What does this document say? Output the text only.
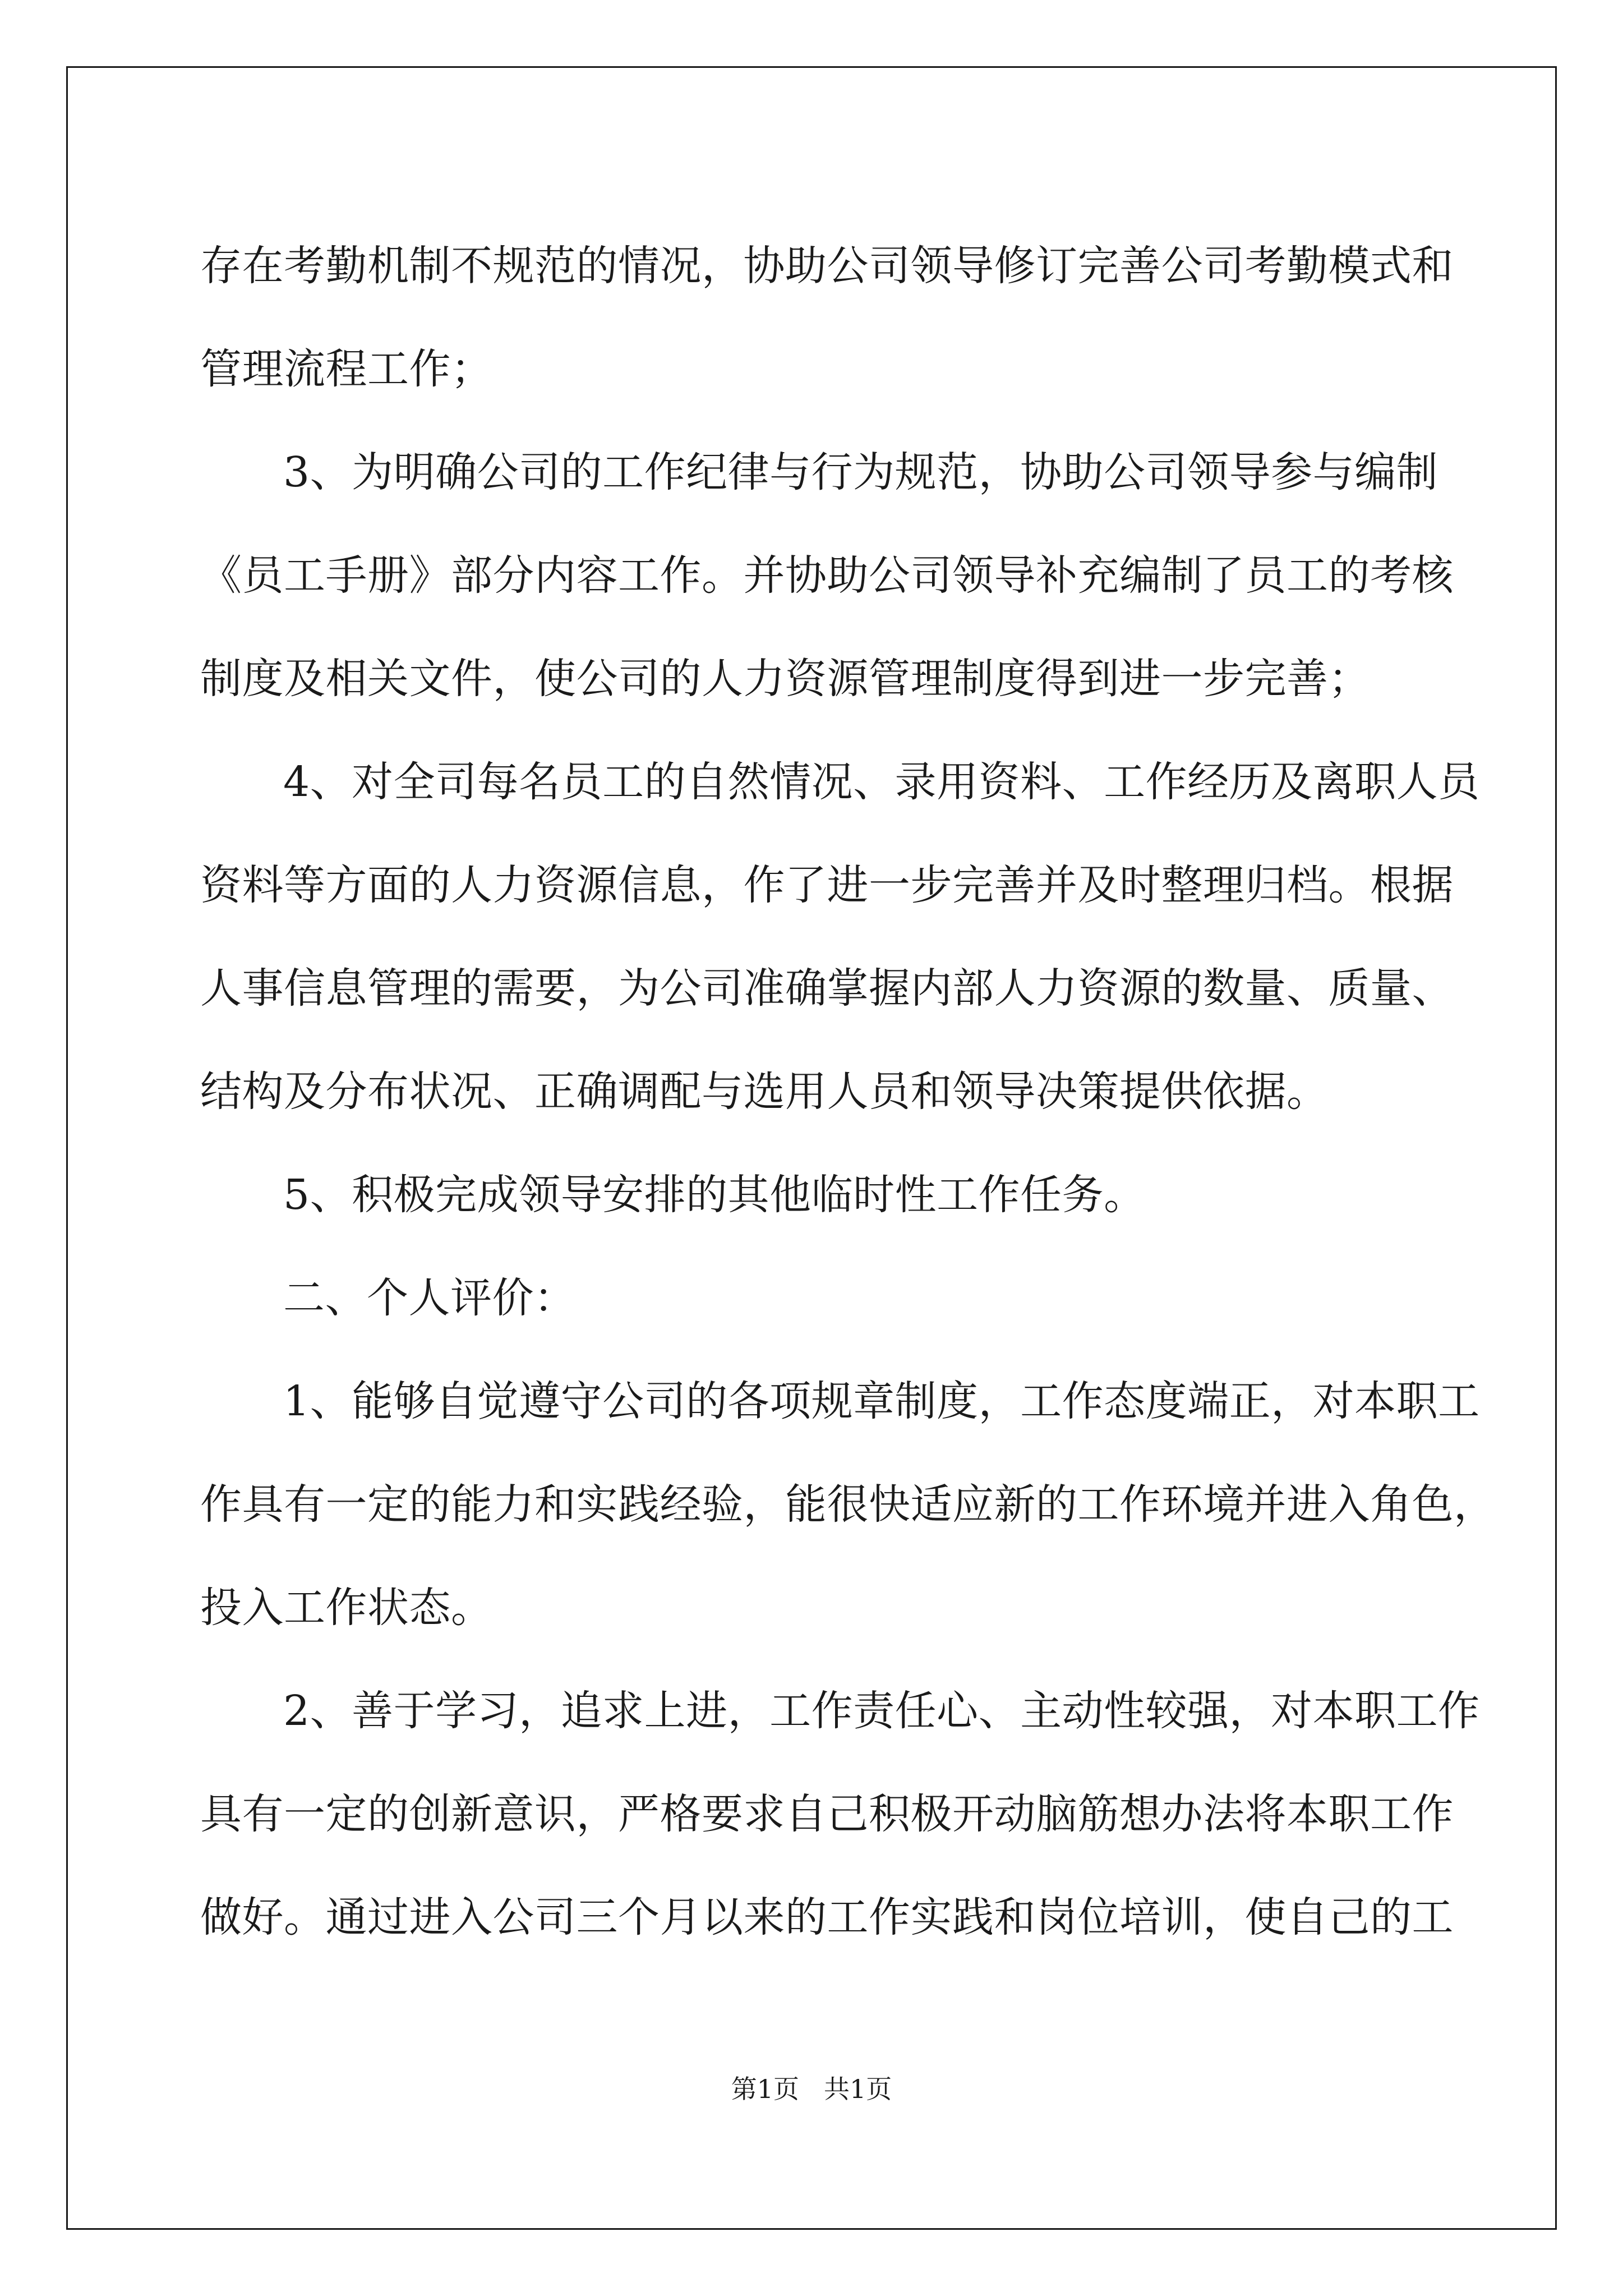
存在考勤机制不规范的情况，协助公司领导修订完善公司考勤模式和
管理流程工作；
3、为明确公司的工作纪律与行为规范，协助公司领导参与编制
《员工手册》部分内容工作。并协助公司领导补充编制了员工的考核
制度及相关文件，使公司的人力资源管理制度得到进一步完善；
4、对全司每名员工的自然情况、录用资料、工作经历及离职人员
资料等方面的人力资源信息，作了进一步完善并及时整理归档。根据
人事信息管理的需要，为公司准确掌握内部人力资源的数量、质量、
结构及分布状况、正确调配与选用人员和领导决策提供依据。
5、积极完成领导安排的其他临时性工作任务。
二、个人评价：
1、能够自觉遵守公司的各项规章制度，工作态度端正，对本职工
作具有一定的能力和实践经验，能很快适应新的工作环境并进入角色，
投入工作状态。
2、善于学习，追求上进，工作责任心、主动性较强，对本职工作
具有一定的创新意识，严格要求自己积极开动脑筋想办法将本职工作
做好。通过进入公司三个月以来的工作实践和岗位培训，使自己的工
第1页 共1页
